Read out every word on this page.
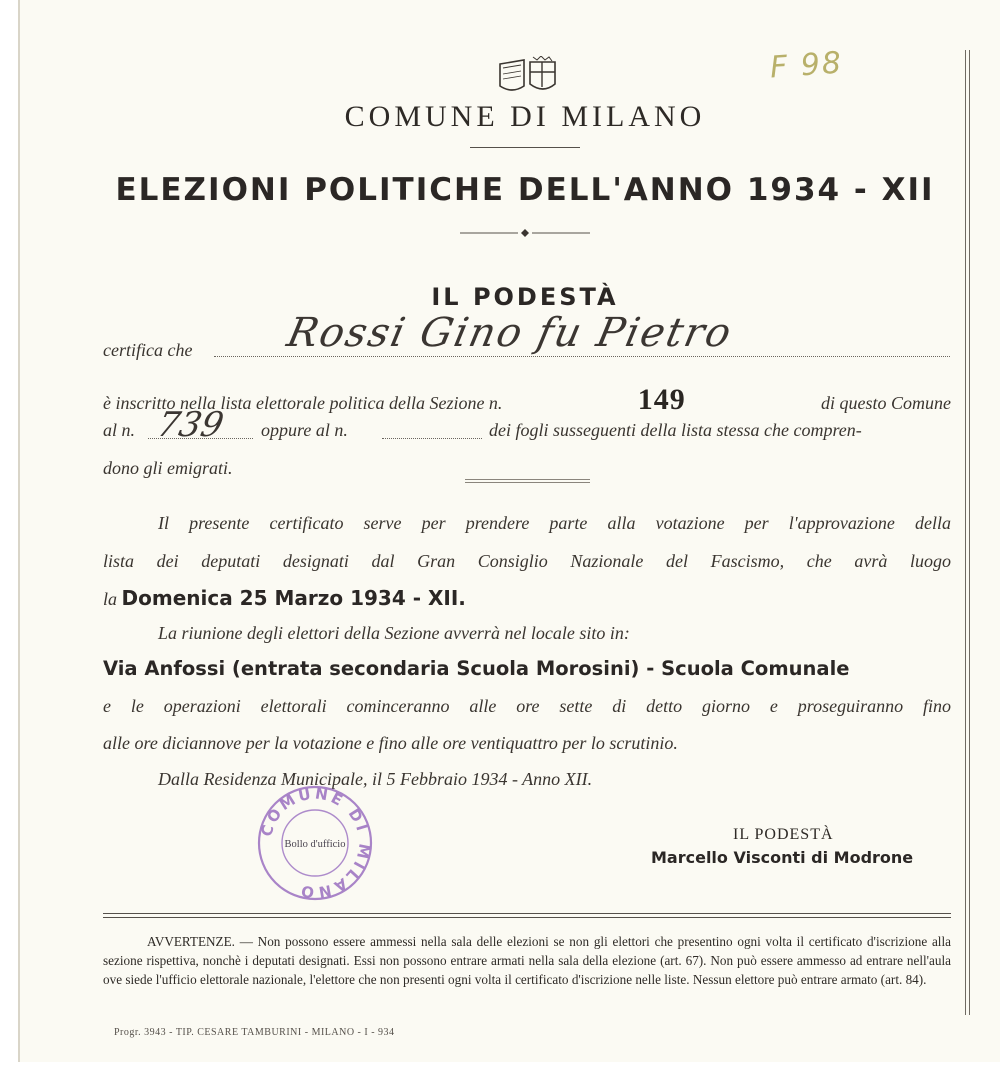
F 98
COMUNE DI MILANO
ELEZIONI POLITICHE DELL'ANNO 1934 - XII
IL PODESTÀ
certifica che Rossi Gino fu Pietro
è inscritto nella lista elettorale politica della Sezione n.	149	di questo Comune
al n.	oppure al n.	dei fogli susseguenti della lista stessa che compren-
739
dono gli emigrati.
Il presente certificato serve per prendere parte alla votazione per l'approvazione della
lista dei deputati designati dal Gran Consiglio Nazionale del Fascismo, che avrà luogo
la Domenica 25 Marzo 1934 - XII.
La riunione degli elettori della Sezione avverrà nel locale sito in:
Via Anfossi (entrata secondaria Scuola Morosini) - Scuola Comunale
e le operazioni elettorali cominceranno alle ore sette di detto giorno e proseguiranno fino
alle ore diciannove per la votazione e fino alle ore ventiquattro per lo scrutinio.
Dalla Residenza Municipale, il 5 Febbraio 1934 - Anno XII.
COMUNE DI MILANO
Bollo d'ufficio
IL PODESTÀ
Marcello Visconti di Modrone
AVVERTENZE. — Non possono essere ammessi nella sala delle elezioni se non gli elettori che presentino ogni volta il certificato d'iscrizione alla sezione rispettiva, nonchè i deputati designati. Essi non possono entrare armati nella sala della elezione (art. 67). Non può essere ammesso ad entrare nell'aula ove siede l'ufficio elettorale nazionale, l'elettore che non presenti ogni volta il certificato d'iscrizione nelle liste. Nessun elettore può entrare armato (art. 84).
Progr. 3943 - TIP. CESARE TAMBURINI - MILANO - I - 934
